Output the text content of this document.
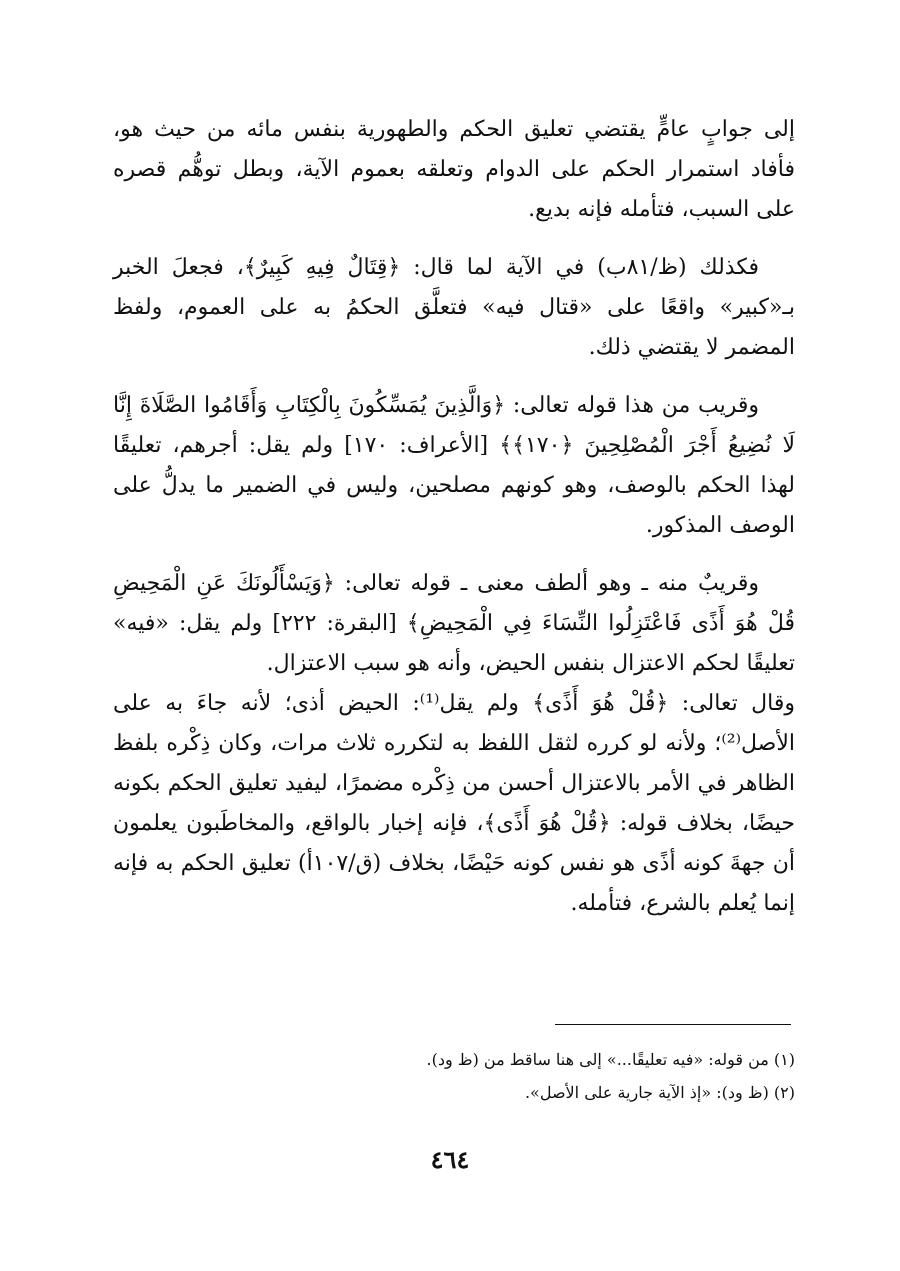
إلى جوابٍ عامٍّ يقتضي تعليق الحكم والطهورية بنفس مائه من حيث هو، فأفاد استمرار الحكم على الدوام وتعلقه بعموم الآية، وبطل توهُّم قصره على السبب، فتأمله فإنه بديع.

فكذلك (ظ/٨١ب) في الآية لما قال: ﴿قِتَالٌ فِيهِ كَبِيرٌ﴾، فجعلَ الخبر بـ«كبير» واقعًا على «قتال فيه» فتعلَّق الحكمُ به على العموم، ولفظ المضمر لا يقتضي ذلك.

وقريب من هذا قوله تعالى: ﴿وَالَّذِينَ يُمَسِّكُونَ بِالْكِتَابِ وَأَقَامُوا الصَّلَاةَ إِنَّا لَا نُضِيعُ أَجْرَ الْمُصْلِحِينَ ﴿١٧٠﴾﴾ [الأعراف: ١٧٠] ولم يقل: أجرهم، تعليقًا لهذا الحكم بالوصف، وهو كونهم مصلحين، وليس في الضمير ما يدلُّ على الوصف المذكور.

وقريبٌ منه ـ وهو ألطف معنى ـ قوله تعالى: ﴿وَيَسْأَلُونَكَ عَنِ الْمَحِيضِ قُلْ هُوَ أَذًى فَاعْتَزِلُوا النِّسَاءَ فِي الْمَحِيضِ﴾ [البقرة: ٢٢٢] ولم يقل: «فيه» تعليقًا لحكم الاعتزال بنفس الحيض، وأنه هو سبب الاعتزال.

وقال تعالى: ﴿قُلْ هُوَ أَذًى﴾ ولم يقل⁽¹⁾: الحيض أذى؛ لأنه جاءَ به على الأصل⁽²⁾؛ ولأنه لو كرره لثقل اللفظ به لتكرره ثلاث مرات، وكان ذِكْره بلفظ الظاهر في الأمر بالاعتزال أحسن من ذِكْره مضمرًا، ليفيد تعليق الحكم بكونه حيضًا، بخلاف قوله: ﴿قُلْ هُوَ أَذًى﴾، فإنه إخبار بالواقع، والمخاطَبون يعلمون أن جهةَ كونه أذًى هو نفس كونه حَيْضًا، بخلاف (ق/١٠٧أ) تعليق الحكم به فإنه إنما يُعلم بالشرع، فتأمله.

(١) من قوله: «فيه تعليقًا...» إلى هنا ساقط من (ظ ود).

(٢) (ظ ود): «إذ الآية جارية على الأصل».

٤٦٤
